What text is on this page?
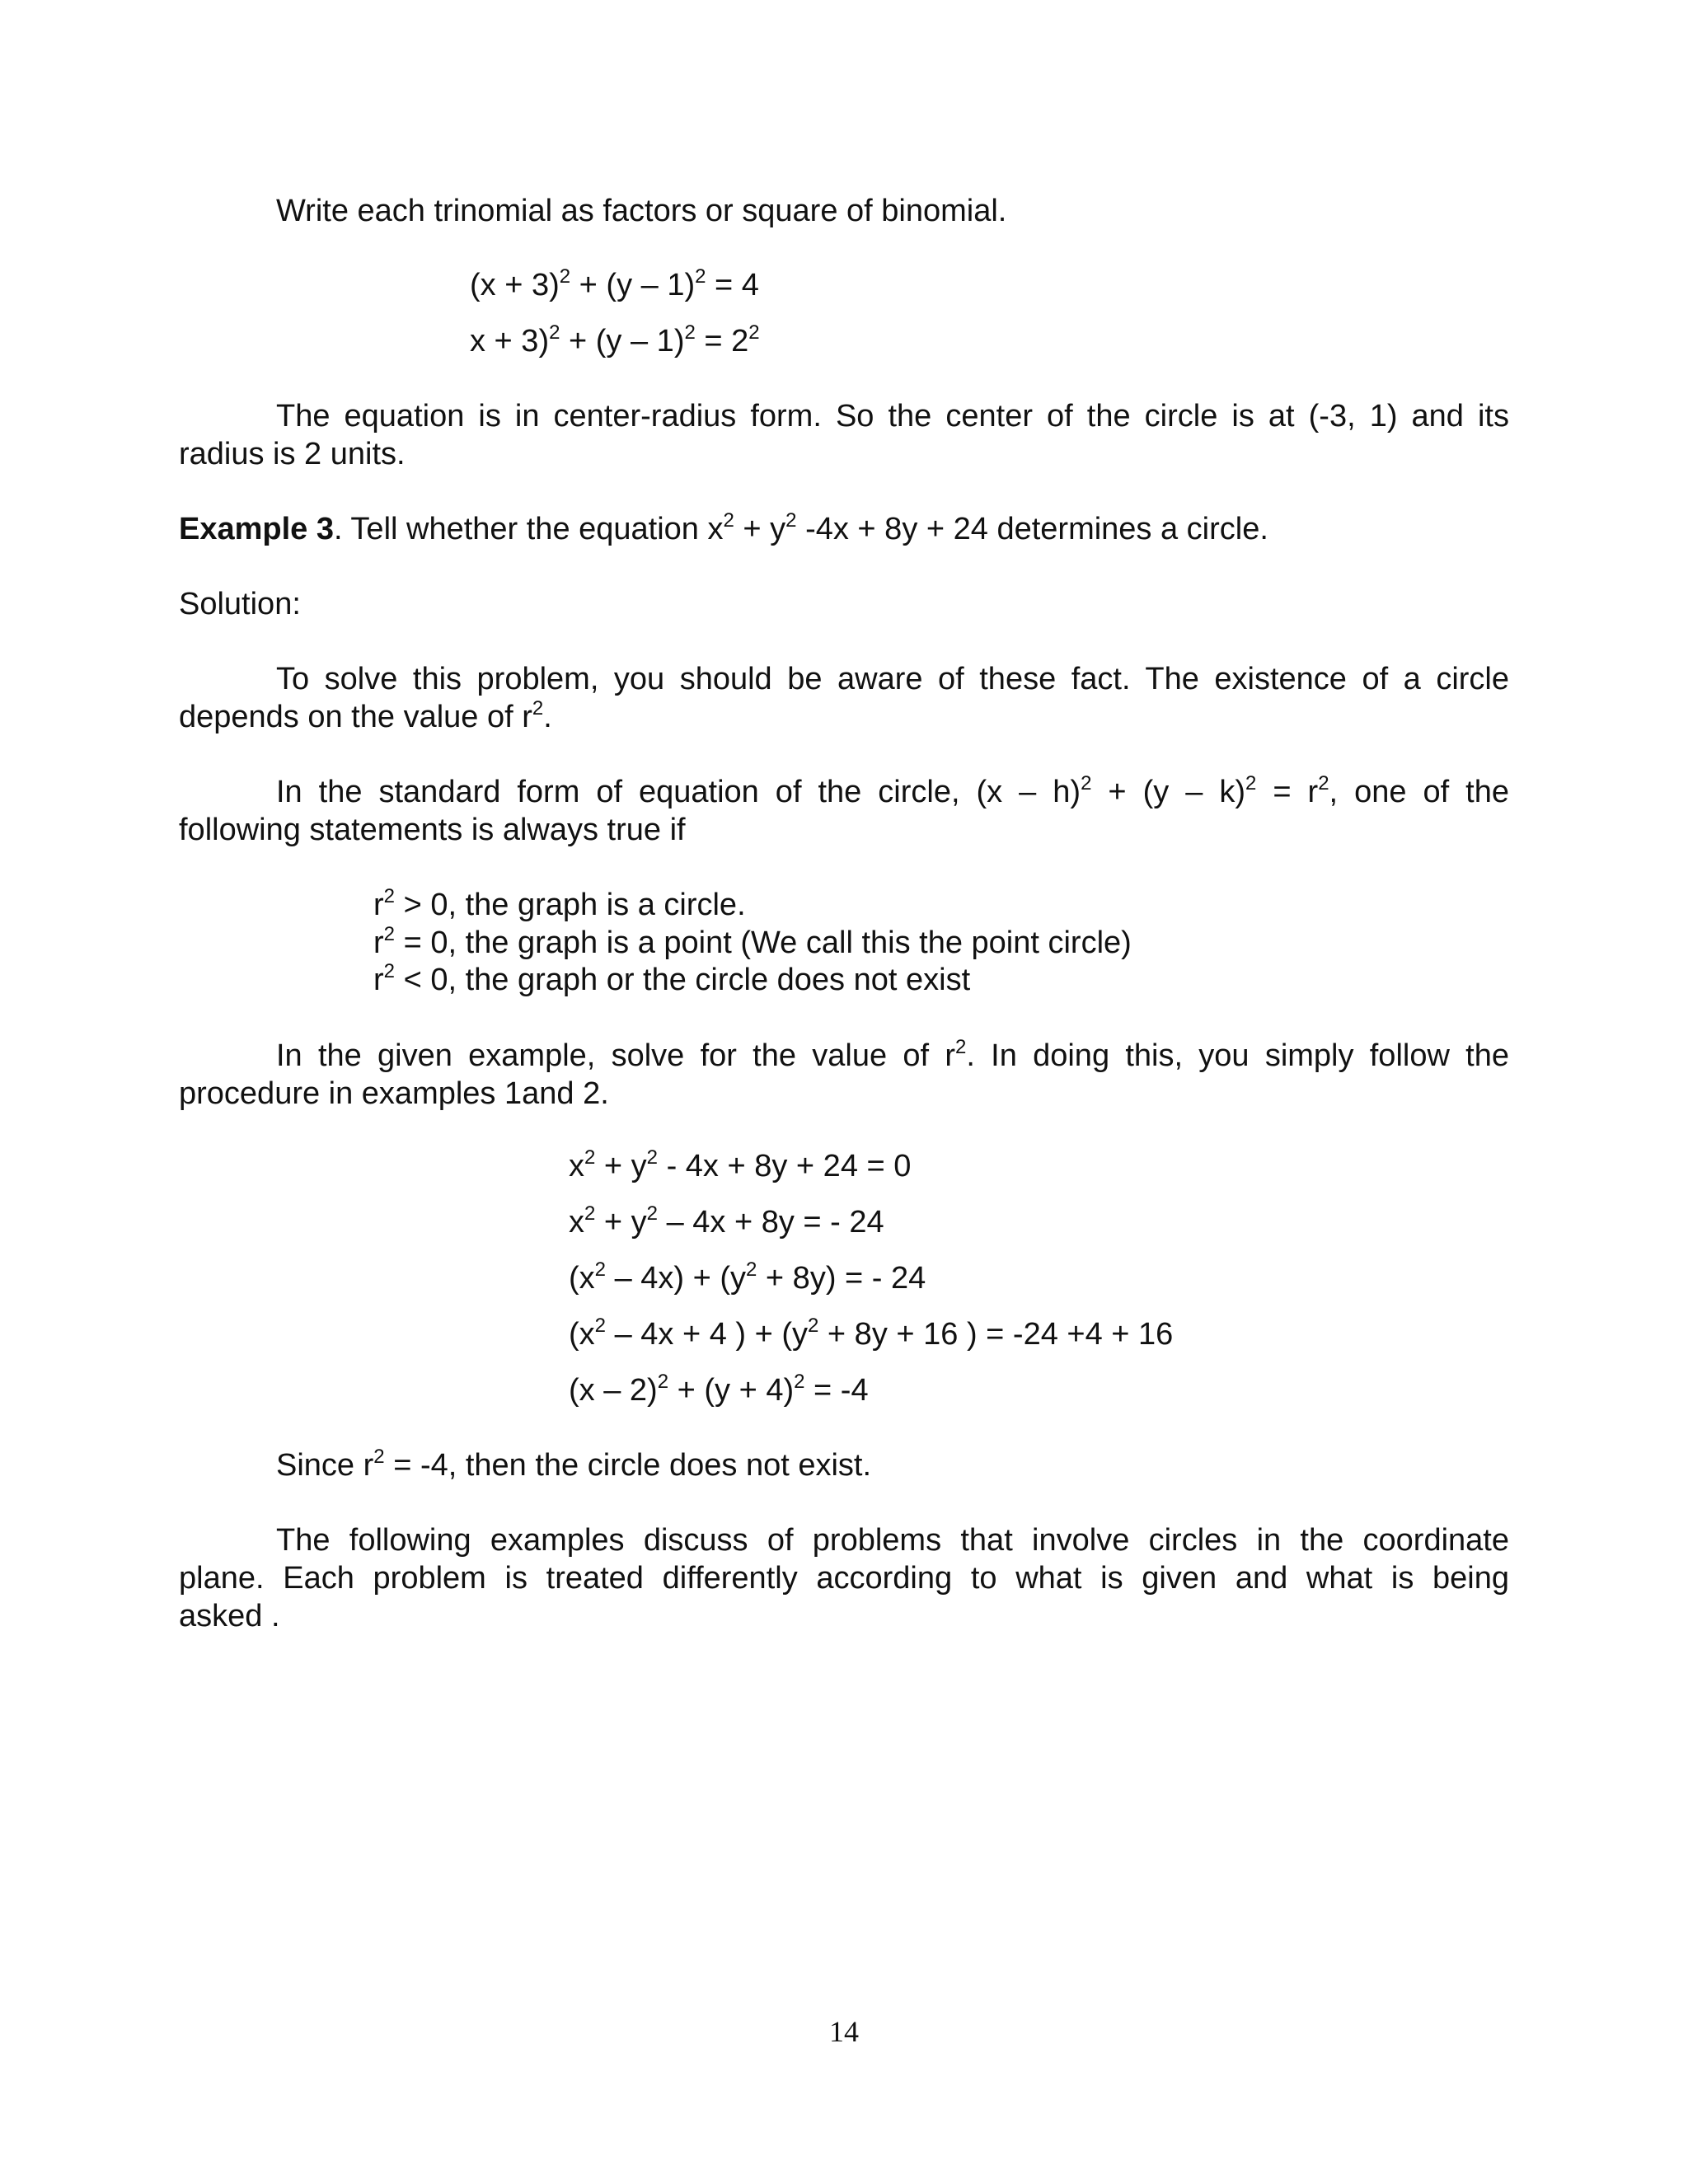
Write each trinomial as factors or square of binomial.
$(x + 3)^2 + (y - 1)^2 = 4$
$x + 3)^2 + (y - 1)^2 = 2^2$
The equation is in center-radius form. So the center of the circle is at (-3, 1) and its
radius is 2 units.
Example 3. Tell whether the equation $x^2 + y^2$ -4x + 8y + 24 determines a circle.
Solution:
To solve this problem, you should be aware of these fact. The existence of a circle
depends on the value of $r^2$.
In the standard form of equation of the circle, $(x - h)^2 + (y - k)^2 = r^2$, one of the
following statements is always true if
$r^2 > 0$, the graph is a circle.
$r^2 = 0$, the graph is a point (We call this the point circle)
$r^2 < 0$, the graph or the circle does not exist
In the given example, solve for the value of $r^2$. In doing this, you simply follow the
procedure in examples 1and 2.
$x^2 + y^2 - 4x + 8y + 24 = 0$
$x^2 + y^2 - 4x + 8y$ = - 24
$(x^2 - 4x) + (y^2 + 8y)$ = - 24
($x^2 - 4x + 4$ ) + ($y^2 + 8y + 16$ ) = -24 +4 + 16
$(x - 2)^2 + (y + 4)^2 = -4$
Since $r^2 = -4$, then the circle does not exist.
The following examples discuss of problems that involve circles in the coordinate
plane. Each problem is treated differently according to what is given and what is being
asked .
14
